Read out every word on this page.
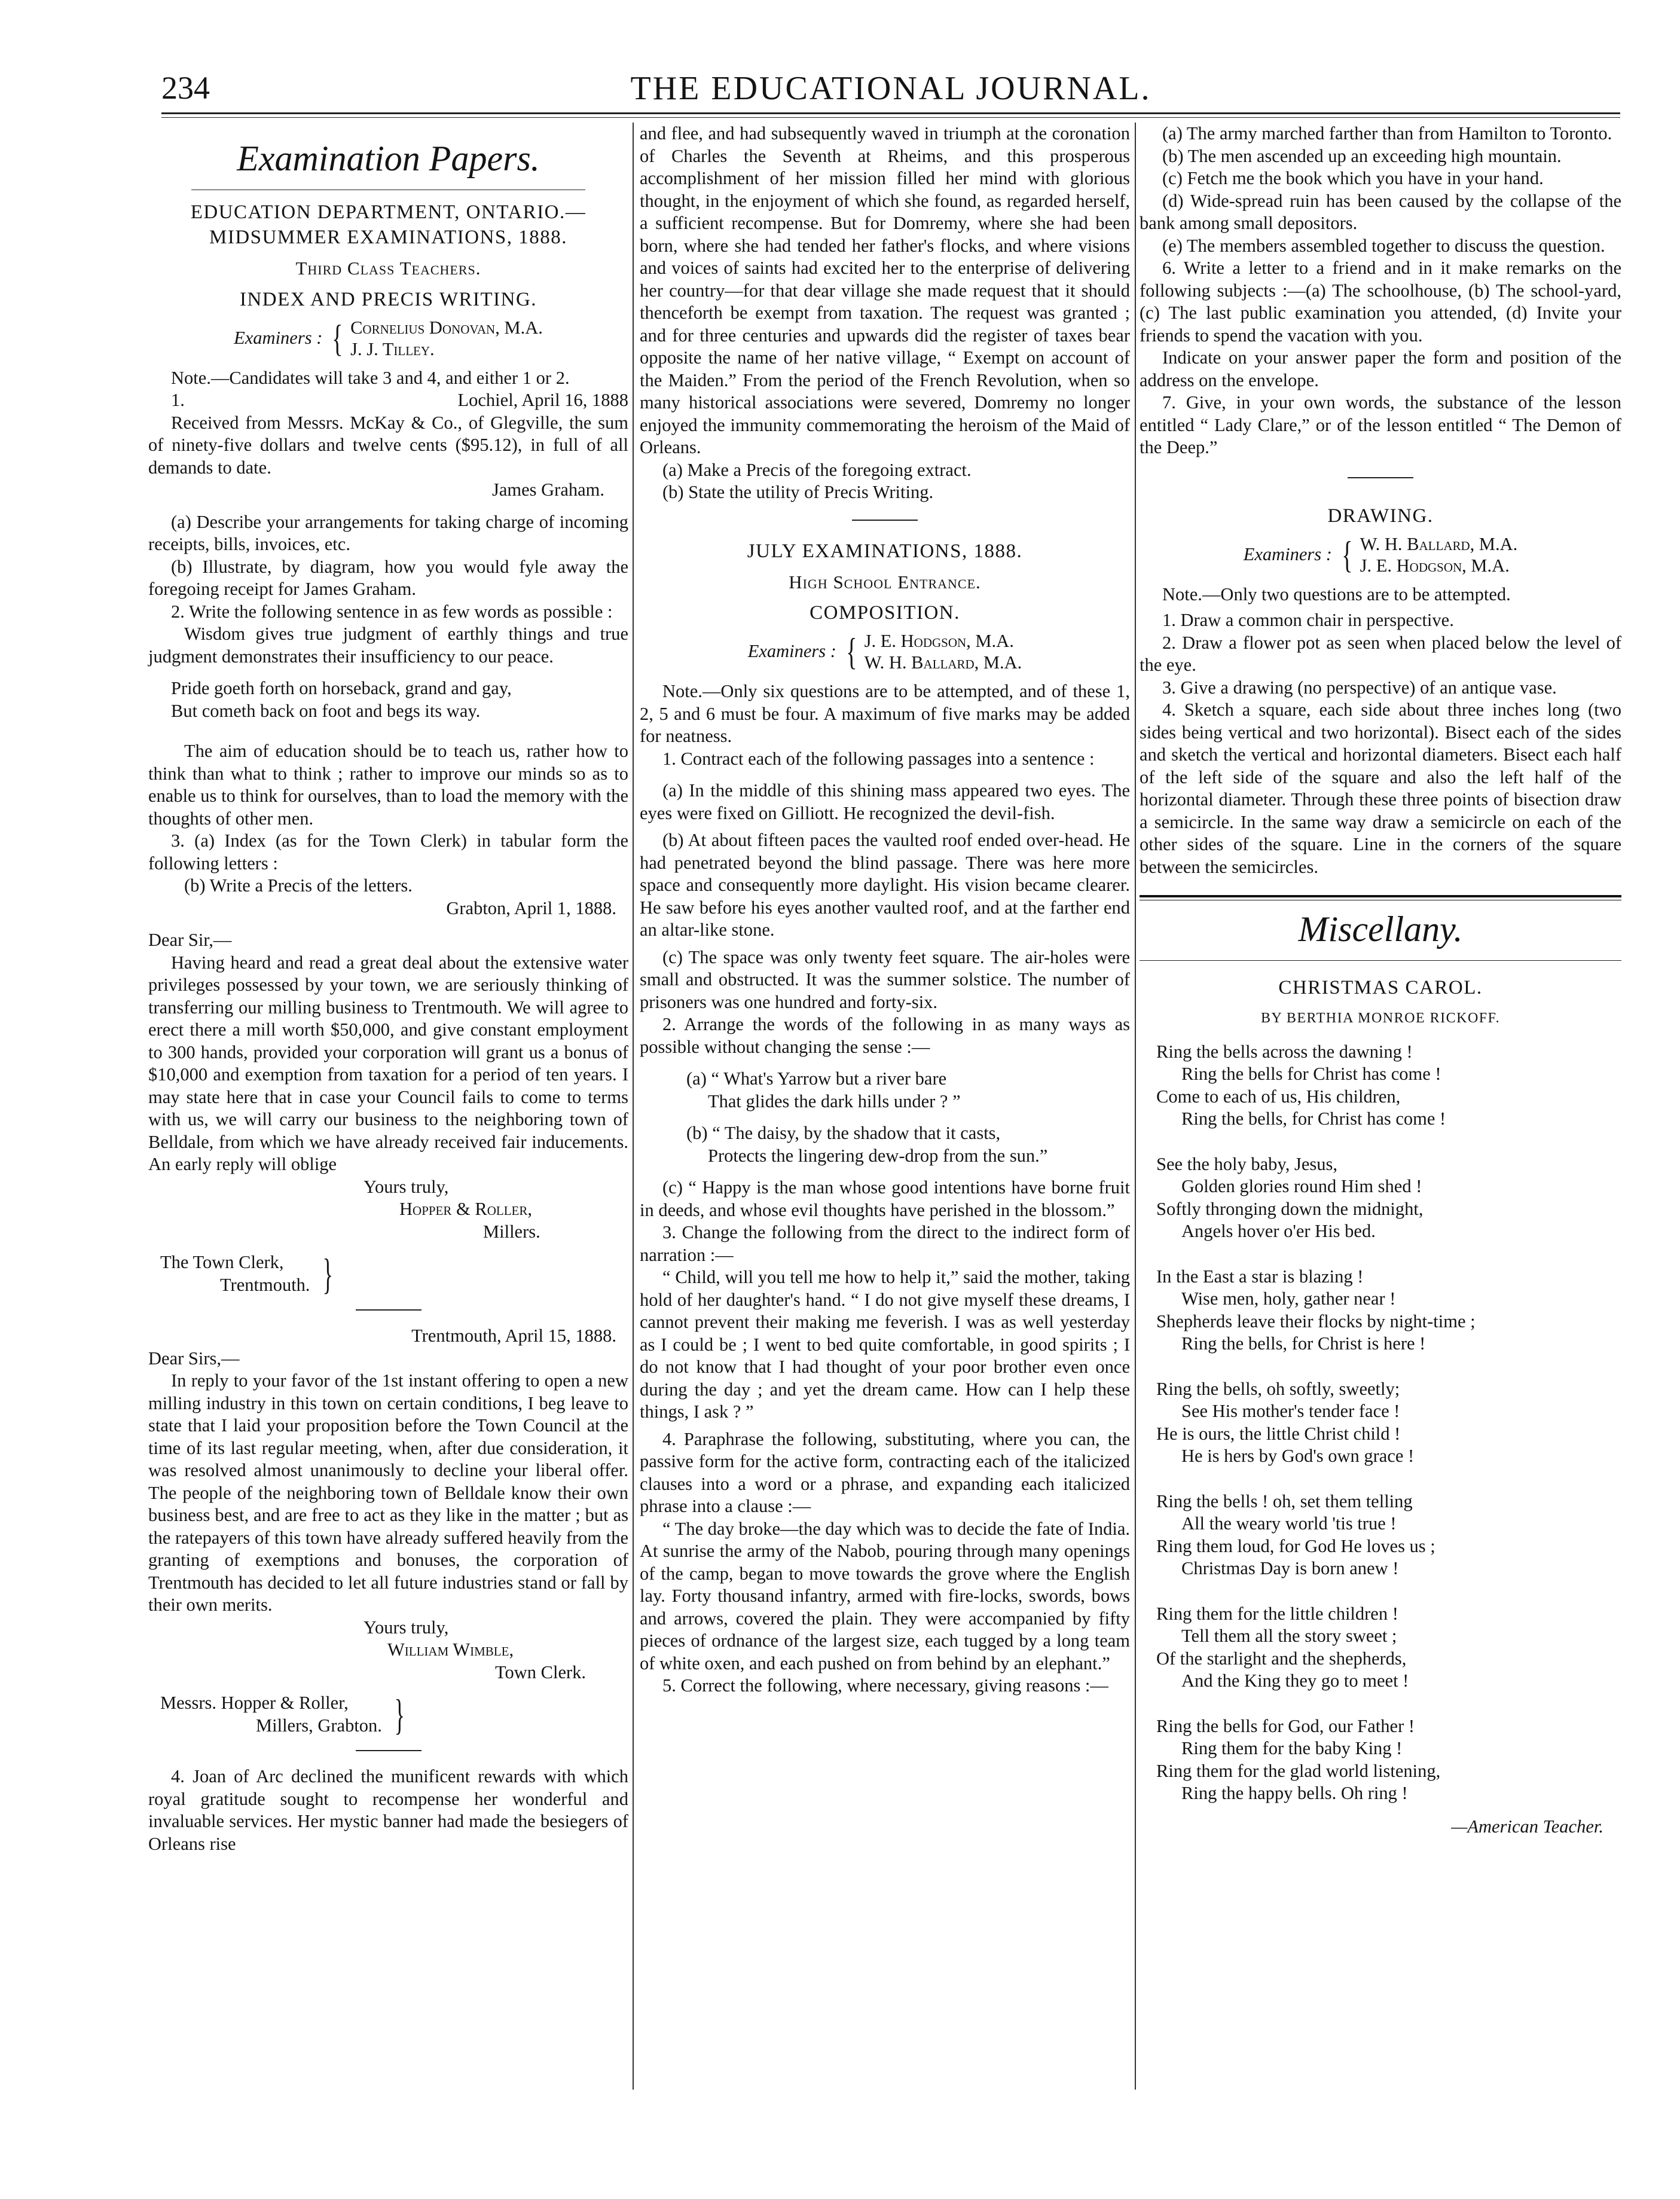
234	THE EDUCATIONAL JOURNAL.
Examination Papers.
EDUCATION DEPARTMENT, ONTARIO.—
MIDSUMMER EXAMINATIONS, 1888.
Third Class Teachers.
INDEX AND PRECIS WRITING.
Examiners : { Cornelius Donovan, M.A.
J. J. Tilley.

Note.—Candidates will take 3 and 4, and either 1 or 2.

1.	Lochiel, April 16, 1888

Received from Messrs. McKay & Co., of Glegville, the sum of ninety-five dollars and twelve cents ($95.12), in full of all demands to date.

James Graham.

(a) Describe your arrangements for taking charge of incoming receipts, bills, invoices, etc.

(b) Illustrate, by diagram, how you would fyle away the foregoing receipt for James Graham.

2. Write the following sentence in as few words as possible :

Wisdom gives true judgment of earthly things and true judgment demonstrates their insufficiency to our peace.

Pride goeth forth on horseback, grand and gay,

But cometh back on foot and begs its way.

The aim of education should be to teach us, rather how to think than what to think ; rather to improve our minds so as to enable us to think for ourselves, than to load the memory with the thoughts of other men.

3. (a) Index (as for the Town Clerk) in tabular form the following letters :

(b) Write a Precis of the letters.

Grabton, April 1, 1888.

Dear Sir,—

Having heard and read a great deal about the extensive water privileges possessed by your town, we are seriously thinking of transferring our milling business to Trentmouth. We will agree to erect there a mill worth $50,000, and give constant employment to 300 hands, provided your corporation will grant us a bonus of $10,000 and exemption from taxation for a period of ten years. I may state here that in case your Council fails to come to terms with us, we will carry our business to the neighboring town of Belldale, from which we have already received fair inducements. An early reply will oblige

Yours truly,

Hopper & Roller,

Millers.

The Town Clerk,
Trentmouth. }

Trentmouth, April 15, 1888.

Dear Sirs,—

In reply to your favor of the 1st instant offering to open a new milling industry in this town on certain conditions, I beg leave to state that I laid your proposition before the Town Council at the time of its last regular meeting, when, after due consideration, it was resolved almost unanimously to decline your liberal offer. The people of the neighboring town of Belldale know their own business best, and are free to act as they like in the matter ; but as the ratepayers of this town have already suffered heavily from the granting of exemptions and bonuses, the corporation of Trentmouth has decided to let all future industries stand or fall by their own merits.

Yours truly,

William Wimble,

Town Clerk.

Messrs. Hopper & Roller,
Millers, Grabton. }

4. Joan of Arc declined the munificent rewards with which royal gratitude sought to recompense her wonderful and invaluable services. Her mystic banner had made the besiegers of Orleans rise

and flee, and had subsequently waved in triumph at the coronation of Charles the Seventh at Rheims, and this prosperous accomplishment of her mission filled her mind with glorious thought, in the enjoyment of which she found, as regarded herself, a sufficient recompense. But for Domremy, where she had been born, where she had tended her father's flocks, and where visions and voices of saints had excited her to the enterprise of delivering her country—for that dear village she made request that it should thenceforth be exempt from taxation. The request was granted ; and for three centuries and upwards did the register of taxes bear opposite the name of her native village, “ Exempt on account of the Maiden.” From the period of the French Revolution, when so many historical associations were severed, Domremy no longer enjoyed the immunity commemorating the heroism of the Maid of Orleans.

(a) Make a Precis of the foregoing extract.

(b) State the utility of Precis Writing.

JULY EXAMINATIONS, 1888.
High School Entrance.
COMPOSITION.
Examiners : { J. E. Hodgson, M.A.
W. H. Ballard, M.A.

Note.—Only six questions are to be attempted, and of these 1, 2, 5 and 6 must be four. A maximum of five marks may be added for neatness.

1. Contract each of the following passages into a sentence :

(a) In the middle of this shining mass appeared two eyes. The eyes were fixed on Gilliott. He recognized the devil-fish.

(b) At about fifteen paces the vaulted roof ended over-head. He had penetrated beyond the blind passage. There was here more space and consequently more daylight. His vision became clearer. He saw before his eyes another vaulted roof, and at the farther end an altar-like stone.

(c) The space was only twenty feet square. The air-holes were small and obstructed. It was the summer solstice. The number of prisoners was one hundred and forty-six.

2. Arrange the words of the following in as many ways as possible without changing the sense :—

(a) “ What's Yarrow but a river bare
That glides the dark hills under ? ”
(b) “ The daisy, by the shadow that it casts,
Protects the lingering dew-drop from the sun.”

(c) “ Happy is the man whose good intentions have borne fruit in deeds, and whose evil thoughts have perished in the blossom.”

3. Change the following from the direct to the indirect form of narration :—

“ Child, will you tell me how to help it,” said the mother, taking hold of her daughter's hand. “ I do not give myself these dreams, I cannot prevent their making me feverish. I was as well yesterday as I could be ; I went to bed quite comfortable, in good spirits ; I do not know that I had thought of your poor brother even once during the day ; and yet the dream came. How can I help these things, I ask ? ”

4. Paraphrase the following, substituting, where you can, the passive form for the active form, contracting each of the italicized clauses into a word or a phrase, and expanding each italicized phrase into a clause :—

“ The day broke—the day which was to decide the fate of India. At sunrise the army of the Nabob, pouring through many openings of the camp, began to move towards the grove where the English lay. Forty thousand infantry, armed with fire-locks, swords, bows and arrows, covered the plain. They were accompanied by fifty pieces of ordnance of the largest size, each tugged by a long team of white oxen, and each pushed on from behind by an elephant.”

5. Correct the following, where necessary, giving reasons :—

(a) The army marched farther than from Hamilton to Toronto.

(b) The men ascended up an exceeding high mountain.

(c) Fetch me the book which you have in your hand.

(d) Wide-spread ruin has been caused by the collapse of the bank among small depositors.

(e) The members assembled together to discuss the question.

6. Write a letter to a friend and in it make remarks on the following subjects :—(a) The schoolhouse, (b) The school-yard, (c) The last public examination you attended, (d) Invite your friends to spend the vacation with you.

Indicate on your answer paper the form and position of the address on the envelope.

7. Give, in your own words, the substance of the lesson entitled “ Lady Clare,” or of the lesson entitled “ The Demon of the Deep.”

DRAWING.
Examiners : { W. H. Ballard, M.A.
J. E. Hodgson, M.A.

Note.—Only two questions are to be attempted.

1. Draw a common chair in perspective.

2. Draw a flower pot as seen when placed below the level of the eye.

3. Give a drawing (no perspective) of an antique vase.

4. Sketch a square, each side about three inches long (two sides being vertical and two horizontal). Bisect each of the sides and sketch the vertical and horizontal diameters. Bisect each half of the left side of the square and also the left half of the horizontal diameter. Through these three points of bisection draw a semicircle. In the same way draw a semicircle on each of the other sides of the square. Line in the corners of the square between the semicircles.

Miscellany.
CHRISTMAS CAROL.
BY BERTHIA MONROE RICKOFF.
Ring the bells across the dawning !
Ring the bells for Christ has come !
Come to each of us, His children,
Ring the bells, for Christ has come !
See the holy baby, Jesus,
Golden glories round Him shed !
Softly thronging down the midnight,
Angels hover o'er His bed.
In the East a star is blazing !
Wise men, holy, gather near !
Shepherds leave their flocks by night-time ;
Ring the bells, for Christ is here !
Ring the bells, oh softly, sweetly;
See His mother's tender face !
He is ours, the little Christ child !
He is hers by God's own grace !
Ring the bells ! oh, set them telling
All the weary world 'tis true !
Ring them loud, for God He loves us ;
Christmas Day is born anew !
Ring them for the little children !
Tell them all the story sweet ;
Of the starlight and the shepherds,
And the King they go to meet !
Ring the bells for God, our Father !
Ring them for the baby King !
Ring them for the glad world listening,
Ring the happy bells. Oh ring !

—American Teacher.
